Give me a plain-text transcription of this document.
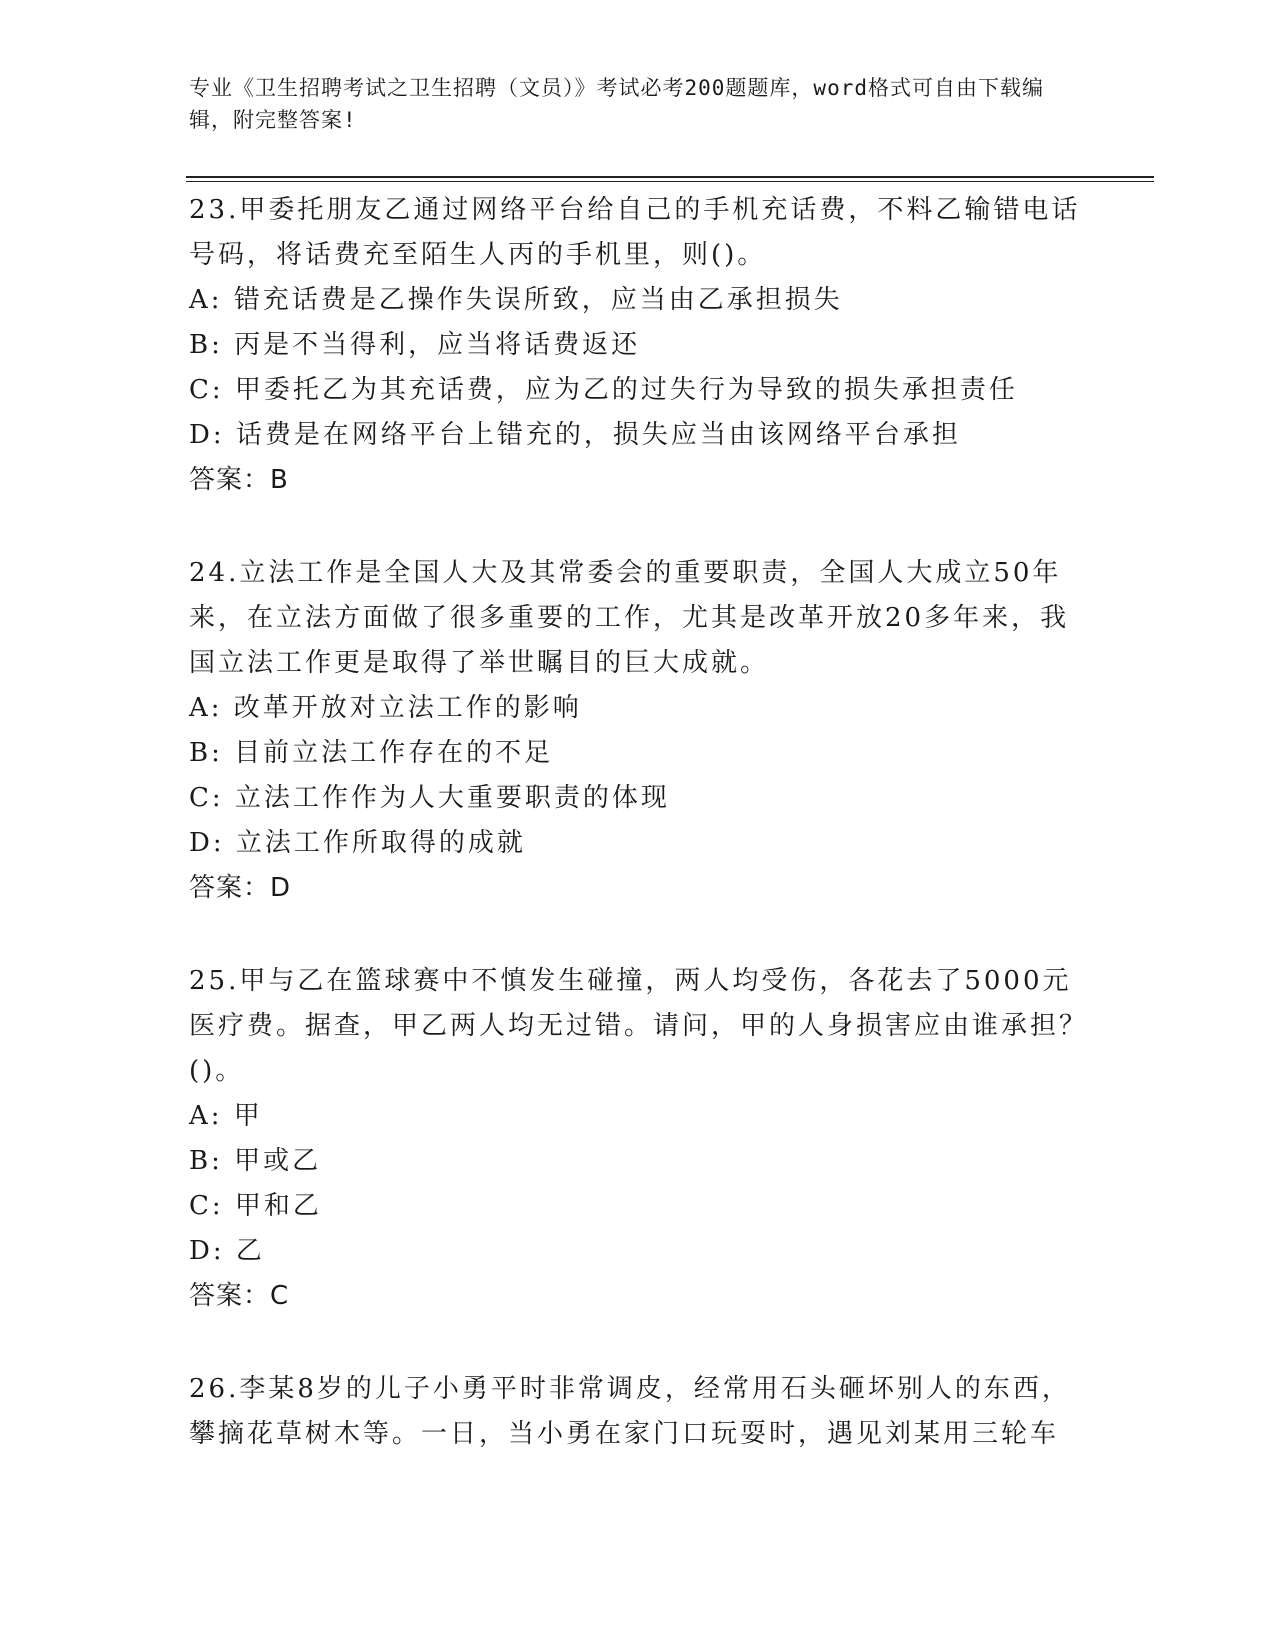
专业《卫生招聘考试之卫生招聘（文员）》考试必考200题题库，word格式可自由下载编辑，附完整答案!

23.甲委托朋友乙通过网络平台给自己的手机充话费，不料乙输错电话号码，将话费充至陌生人丙的手机里，则()。

A: 错充话费是乙操作失误所致，应当由乙承担损失

B: 丙是不当得利，应当将话费返还

C: 甲委托乙为其充话费，应为乙的过失行为导致的损失承担责任

D: 话费是在网络平台上错充的，损失应当由该网络平台承担

答案：B

24.立法工作是全国人大及其常委会的重要职责，全国人大成立50年来，在立法方面做了很多重要的工作，尤其是改革开放20多年来，我国立法工作更是取得了举世瞩目的巨大成就。

A: 改革开放对立法工作的影响

B: 目前立法工作存在的不足

C: 立法工作作为人大重要职责的体现

D: 立法工作所取得的成就

答案：D

25.甲与乙在篮球赛中不慎发生碰撞，两人均受伤，各花去了5000元医疗费。据查，甲乙两人均无过错。请问，甲的人身损害应由谁承担？()。

A: 甲

B: 甲或乙

C: 甲和乙

D: 乙

答案：C

26.李某8岁的儿子小勇平时非常调皮，经常用石头砸坏别人的东西，攀摘花草树木等。一日，当小勇在家门口玩耍时，遇见刘某用三轮车
